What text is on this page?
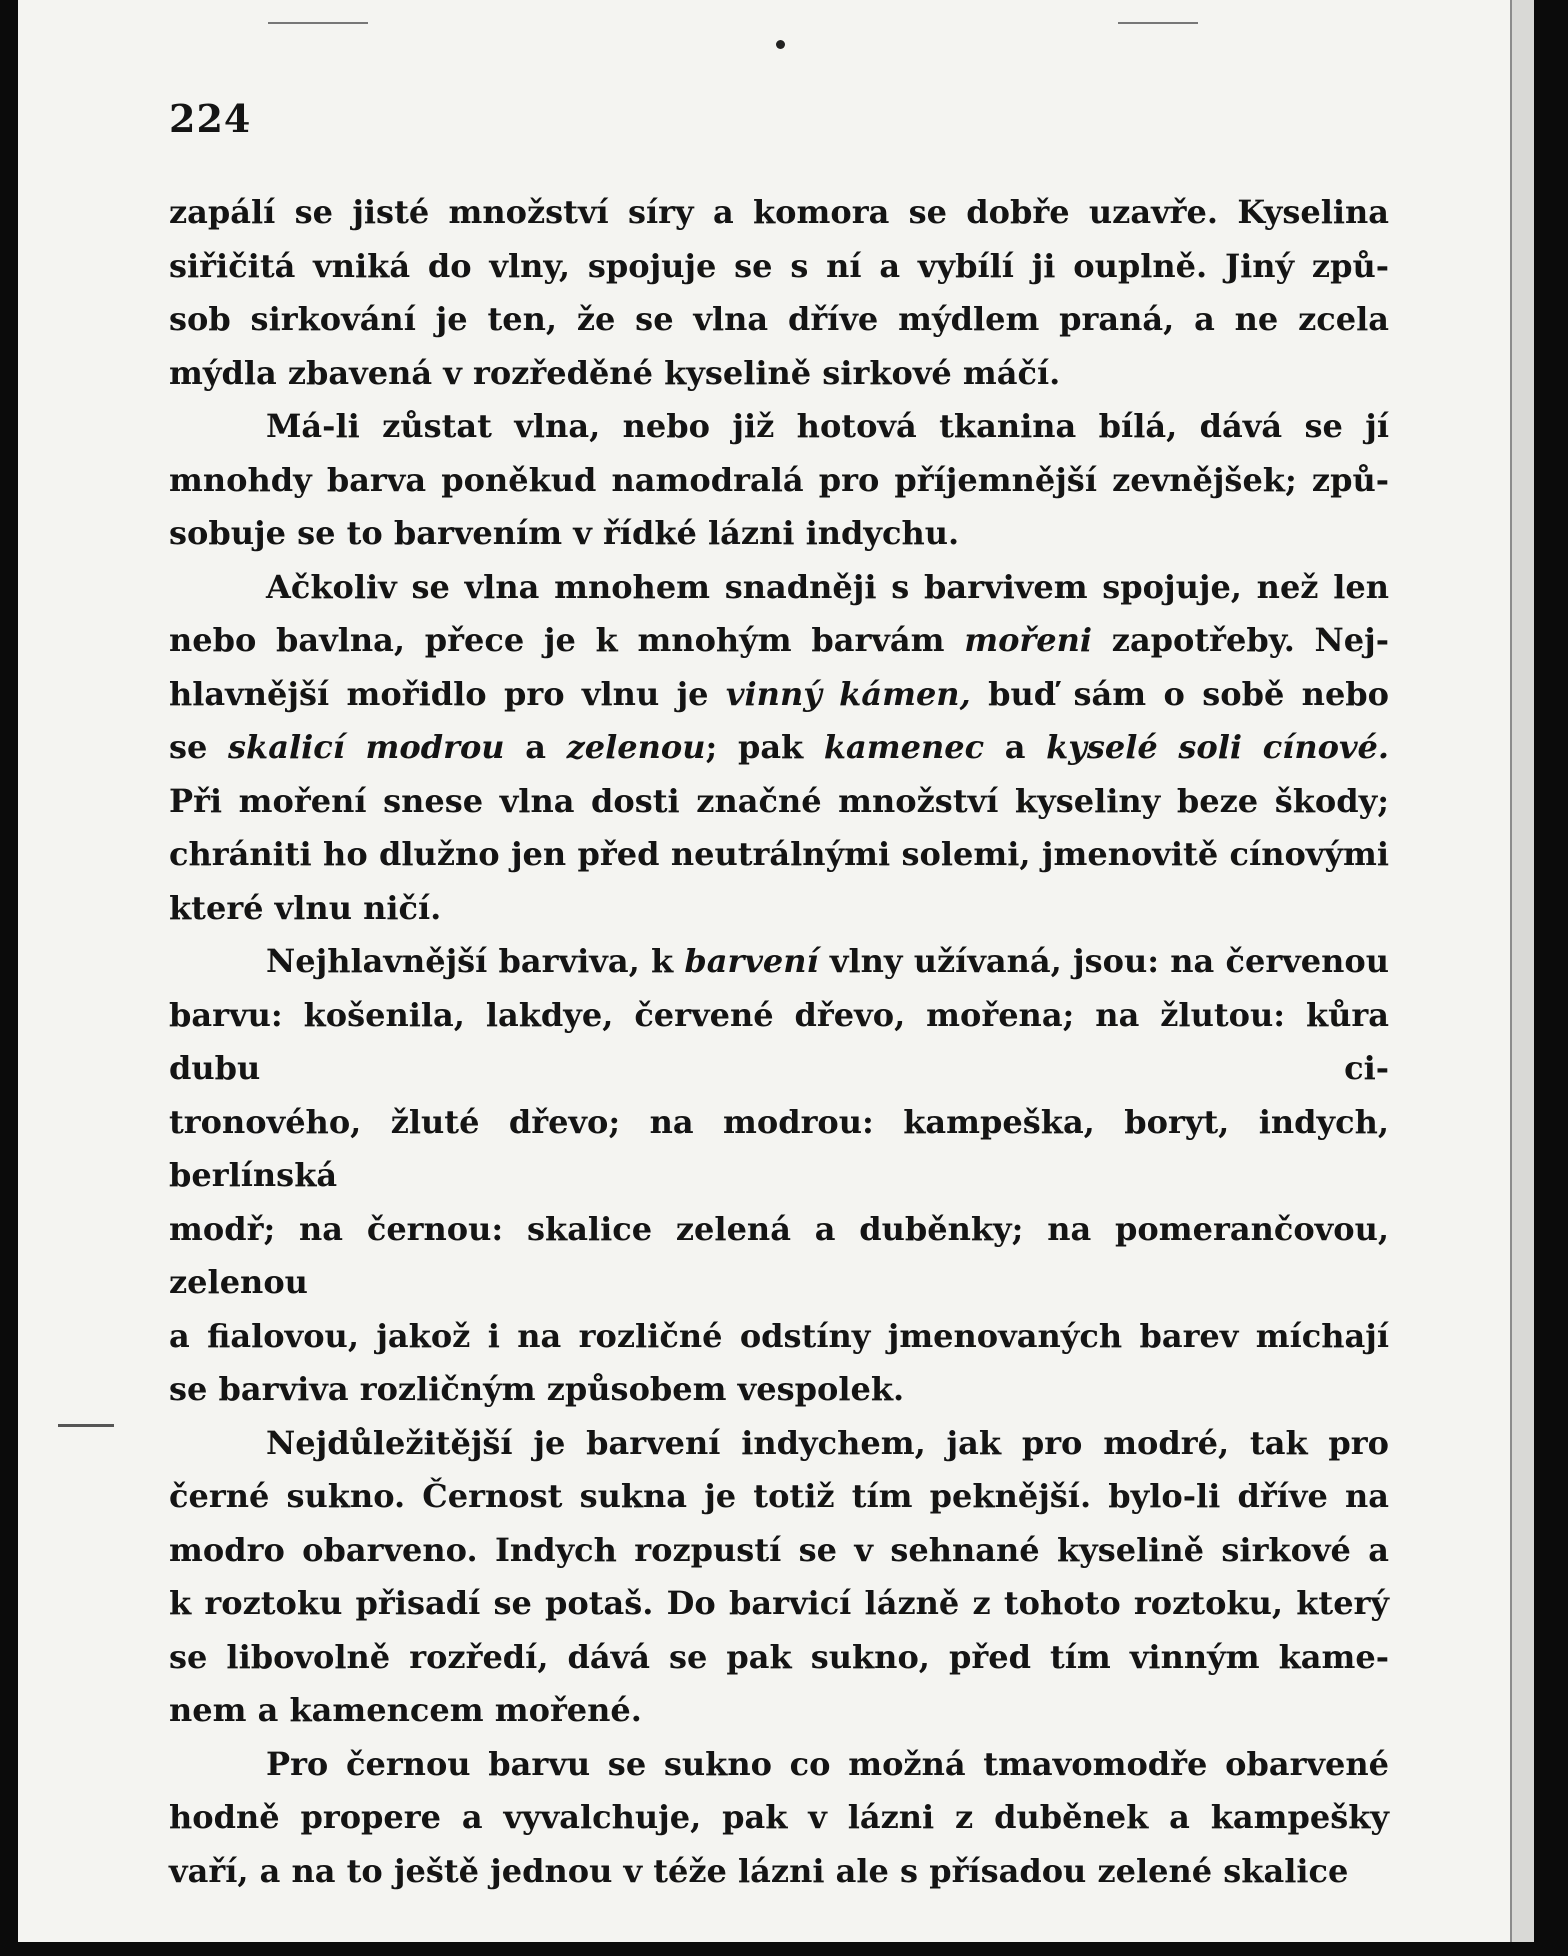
224

zapálí se jisté množství síry a komora se dobře uzavře. Kyselina
siřičitá vniká do vlny, spojuje se s ní a vybílí ji ouplně. Jiný způ-
sob sirkování je ten, že se vlna dříve mýdlem praná, a ne zcela
mýdla zbavená v rozředěné kyselině sirkové máčí.

Má-li zůstat vlna, nebo již hotová tkanina bílá, dává se jí
mnohdy barva poněkud namodralá pro příjemnější zevnějšek; způ-
sobuje se to barvením v řídké lázni indychu.

Ačkoliv se vlna mnohem snadněji s barvivem spojuje, než len
nebo bavlna, přece je k mnohým barvám mořeni zapotřeby. Nej-
hlavnější mořidlo pro vlnu je vinný kámen, buď sám o sobě nebo
se skalicí modrou a zelenou; pak kamenec a kyselé soli cínové.
Při moření snese vlna dosti značné množství kyseliny beze škody;
chrániti ho dlužno jen před neutrálnými solemi, jmenovitě cínovými
které vlnu ničí.

Nejhlavnější barviva, k barvení vlny užívaná, jsou: na červenou
barvu: košenila, lakdye, červené dřevo, mořena; na žlutou: kůra dubu ci-
tronového, žluté dřevo; na modrou: kampeška, boryt, indych, berlínská
modř; na černou: skalice zelená a duběnky; na pomerančovou, zelenou
a fialovou, jakož i na rozličné odstíny jmenovaných barev míchají
se barviva rozličným způsobem vespolek.

Nejdůležitější je barvení indychem, jak pro modré, tak pro
černé sukno. Černost sukna je totiž tím peknější. bylo-li dříve na
modro obarveno. Indych rozpustí se v sehnané kyselině sirkové a
k roztoku přisadí se potaš. Do barvicí lázně z tohoto roztoku, který
se libovolně rozředí, dává se pak sukno, před tím vinným kame-
nem a kamencem mořené.

Pro černou barvu se sukno co možná tmavomodře obarvené
hodně propere a vyvalchuje, pak v lázni z duběnek a kampešky
vaří, a na to ještě jednou v téže lázni ale s přísadou zelené skalice
